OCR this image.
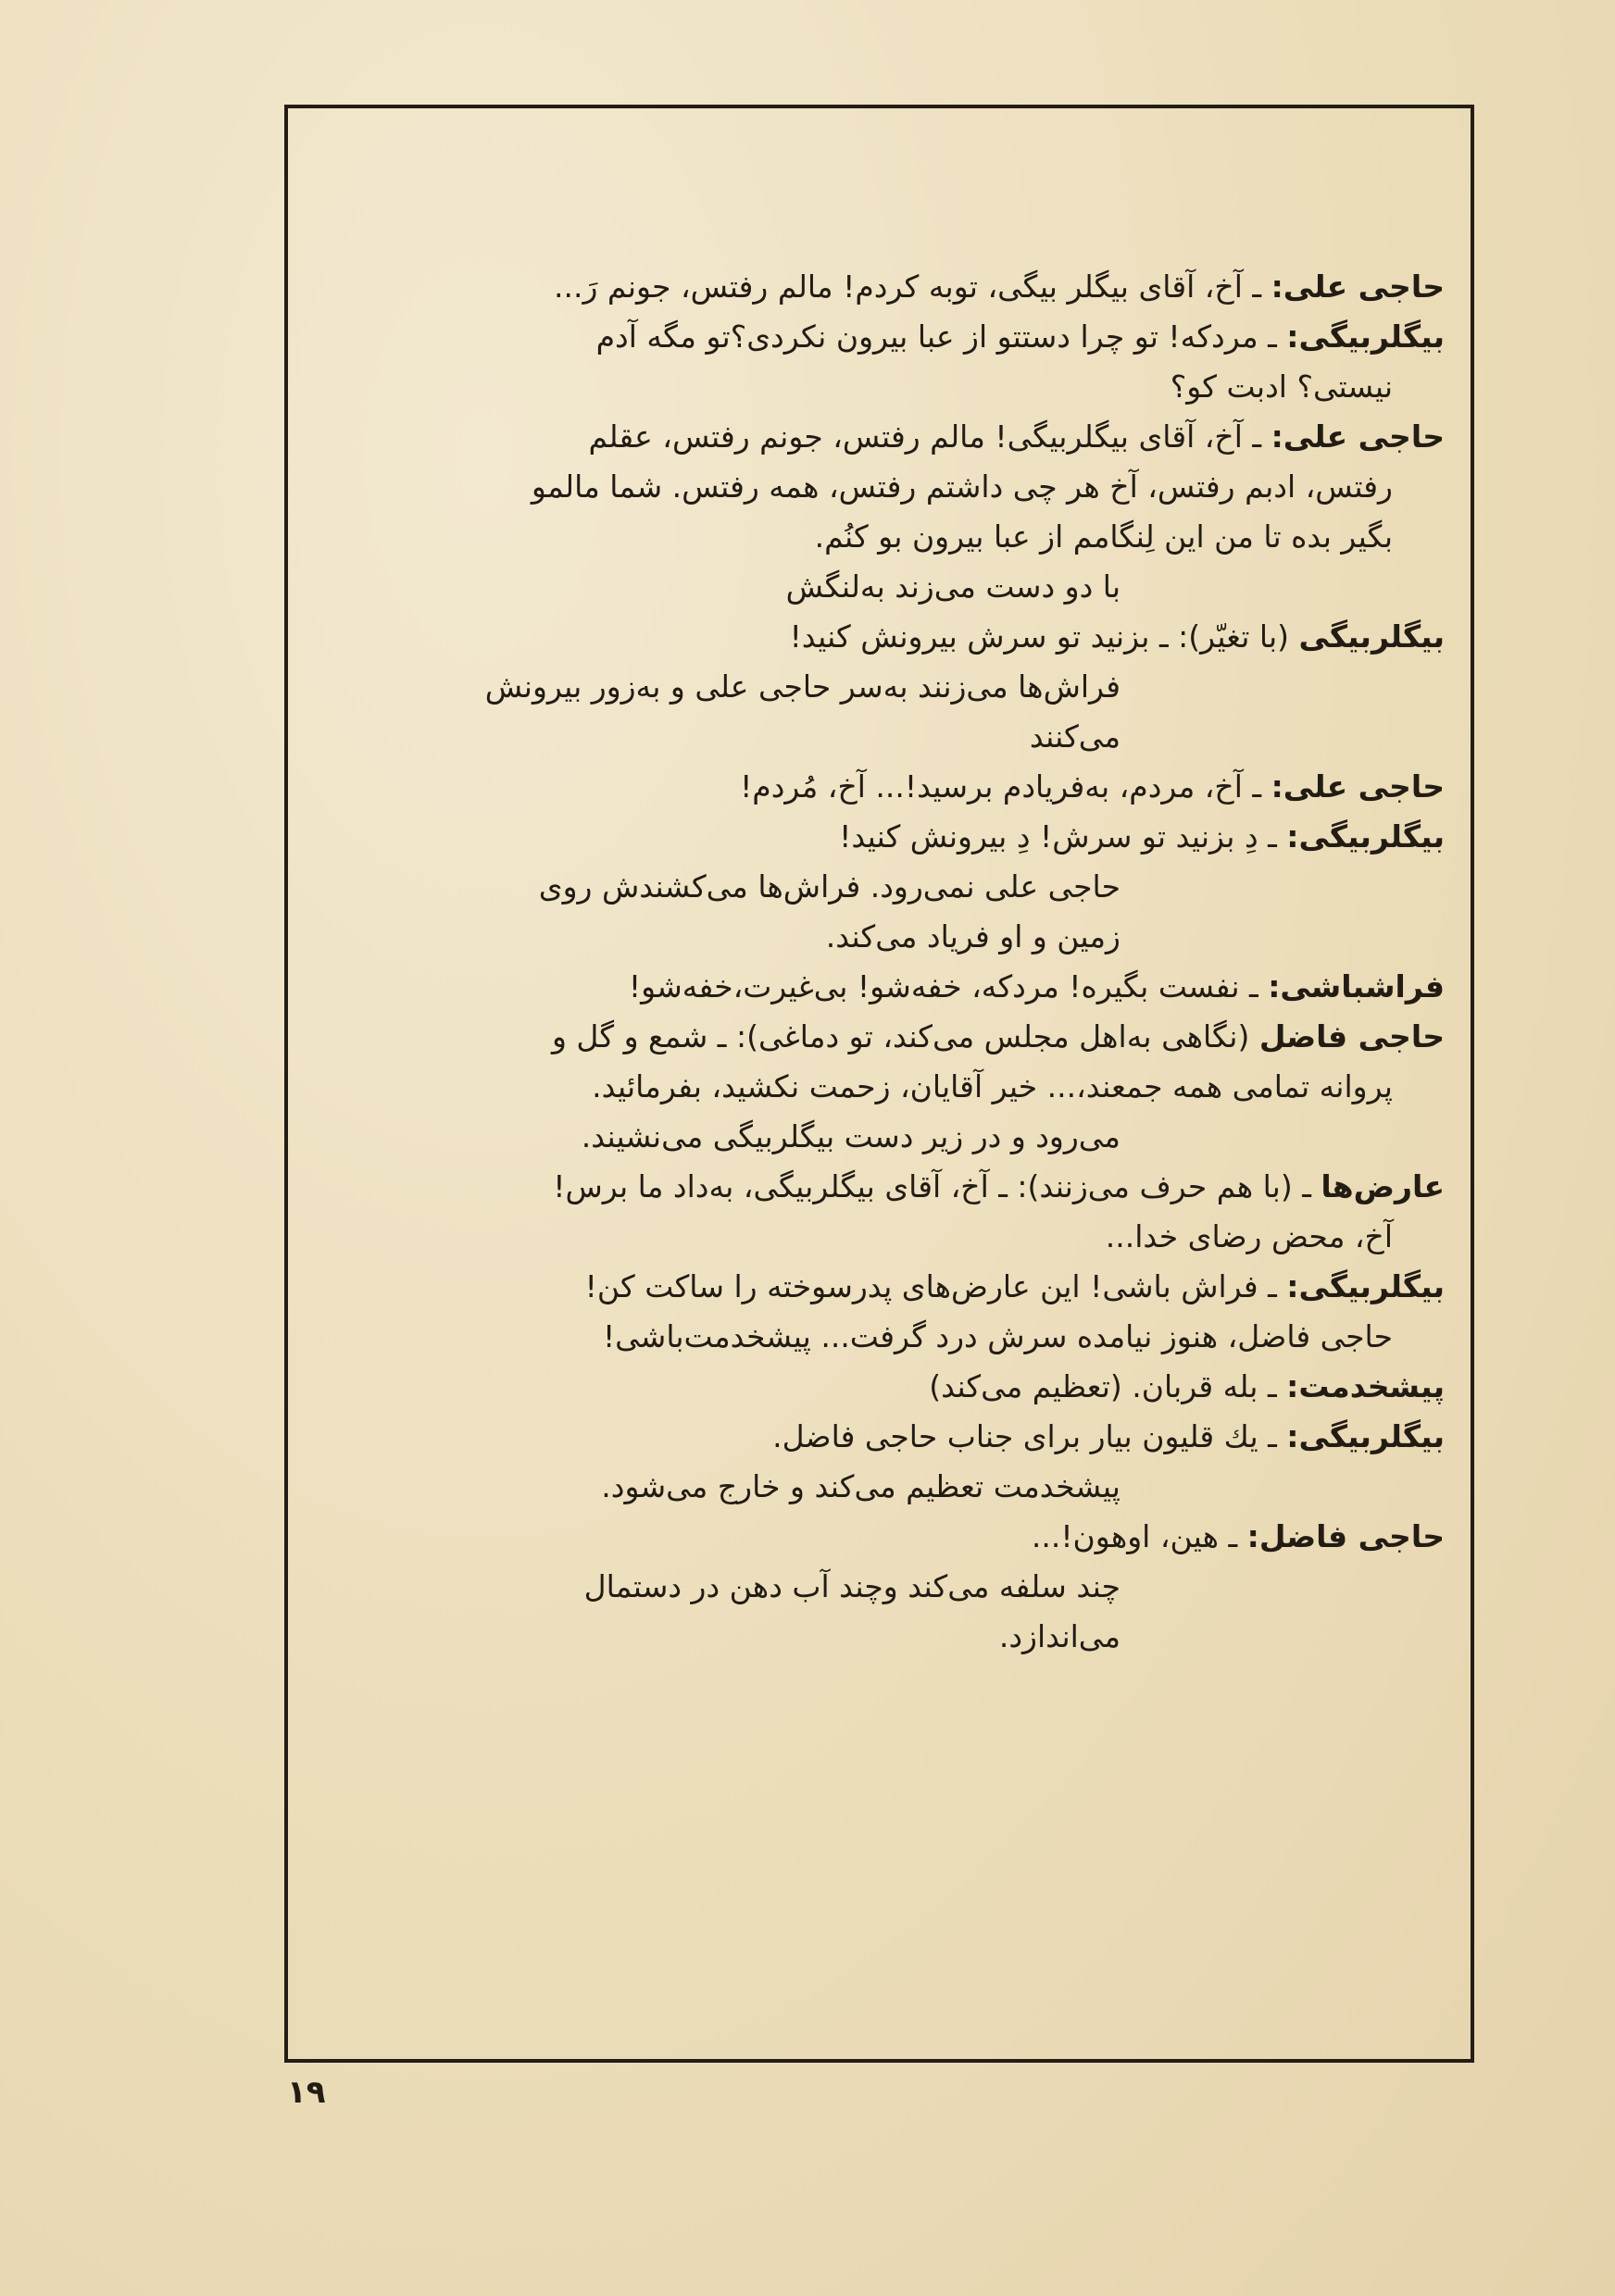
حاجی علی: ـ آخ، آقای بیگلر بیگی، توبه کردم! مالم رفتس، جونم رَ...
بیگلربیگی: ـ مردکه! تو چرا دستتو از عبا بیرون نکردی؟تو مگه آدم
نیستی؟ ادبت کو؟
حاجی علی: ـ آخ، آقای بیگلربیگی! مالم رفتس، جونم رفتس، عقلم
رفتس، ادبم رفتس، آخ هر چی داشتم رفتس، همه رفتس. شما مالمو
بگیر بده تا من این لِنگامم از عبا بیرون بو کنُم.
با دو دست می‌زند به‌لنگش
بیگلربیگی (با تغیّر): ـ بزنید تو سرش بیرونش کنید!
فراش‌ها می‌زنند به‌سر حاجی علی و به‌زور بیرونش
می‌کنند
حاجی علی: ـ آخ، مردم، به‌فریادم برسید!... آخ، مُردم!
بیگلربیگی: ـ دِ بزنید تو سرش! دِ بیرونش کنید!
حاجی علی نمی‌رود. فراش‌ها می‌کشندش روی
زمین و او فریاد می‌کند.
فراشباشی: ـ نفست بگیره! مردکه، خفه‌شو! بی‌غیرت،خفه‌شو!
حاجی فاضل (نگاهی به‌اهل مجلس می‌کند، تو دماغی): ـ شمع و گل و
پروانه تمامی همه جمعند،... خیر آقایان، زحمت نکشید، بفرمائید.
می‌رود و در زیر دست بیگلربیگی می‌نشیند.
عارض‌ها ـ (با هم حرف می‌زنند): ـ آخ، آقای بیگلربیگی، به‌داد ما برس!
آخ، محض رضای خدا...
بیگلربیگی: ـ فراش باشی! این عارض‌های پدرسوخته را ساکت کن!
حاجی فاضل، هنوز نیامده سرش درد گرفت... پیشخدمت‌باشی!
پیشخدمت: ـ بله قربان. (تعظیم می‌کند)
بیگلربیگی: ـ یك قلیون بیار برای جناب حاجی فاضل.
پیشخدمت تعظیم می‌کند و خارج می‌شود.
حاجی فاضل: ـ هین، اوهون!...
چند سلفه می‌کند وچند آب دهن در دستمال
می‌اندازد.
۱۹
